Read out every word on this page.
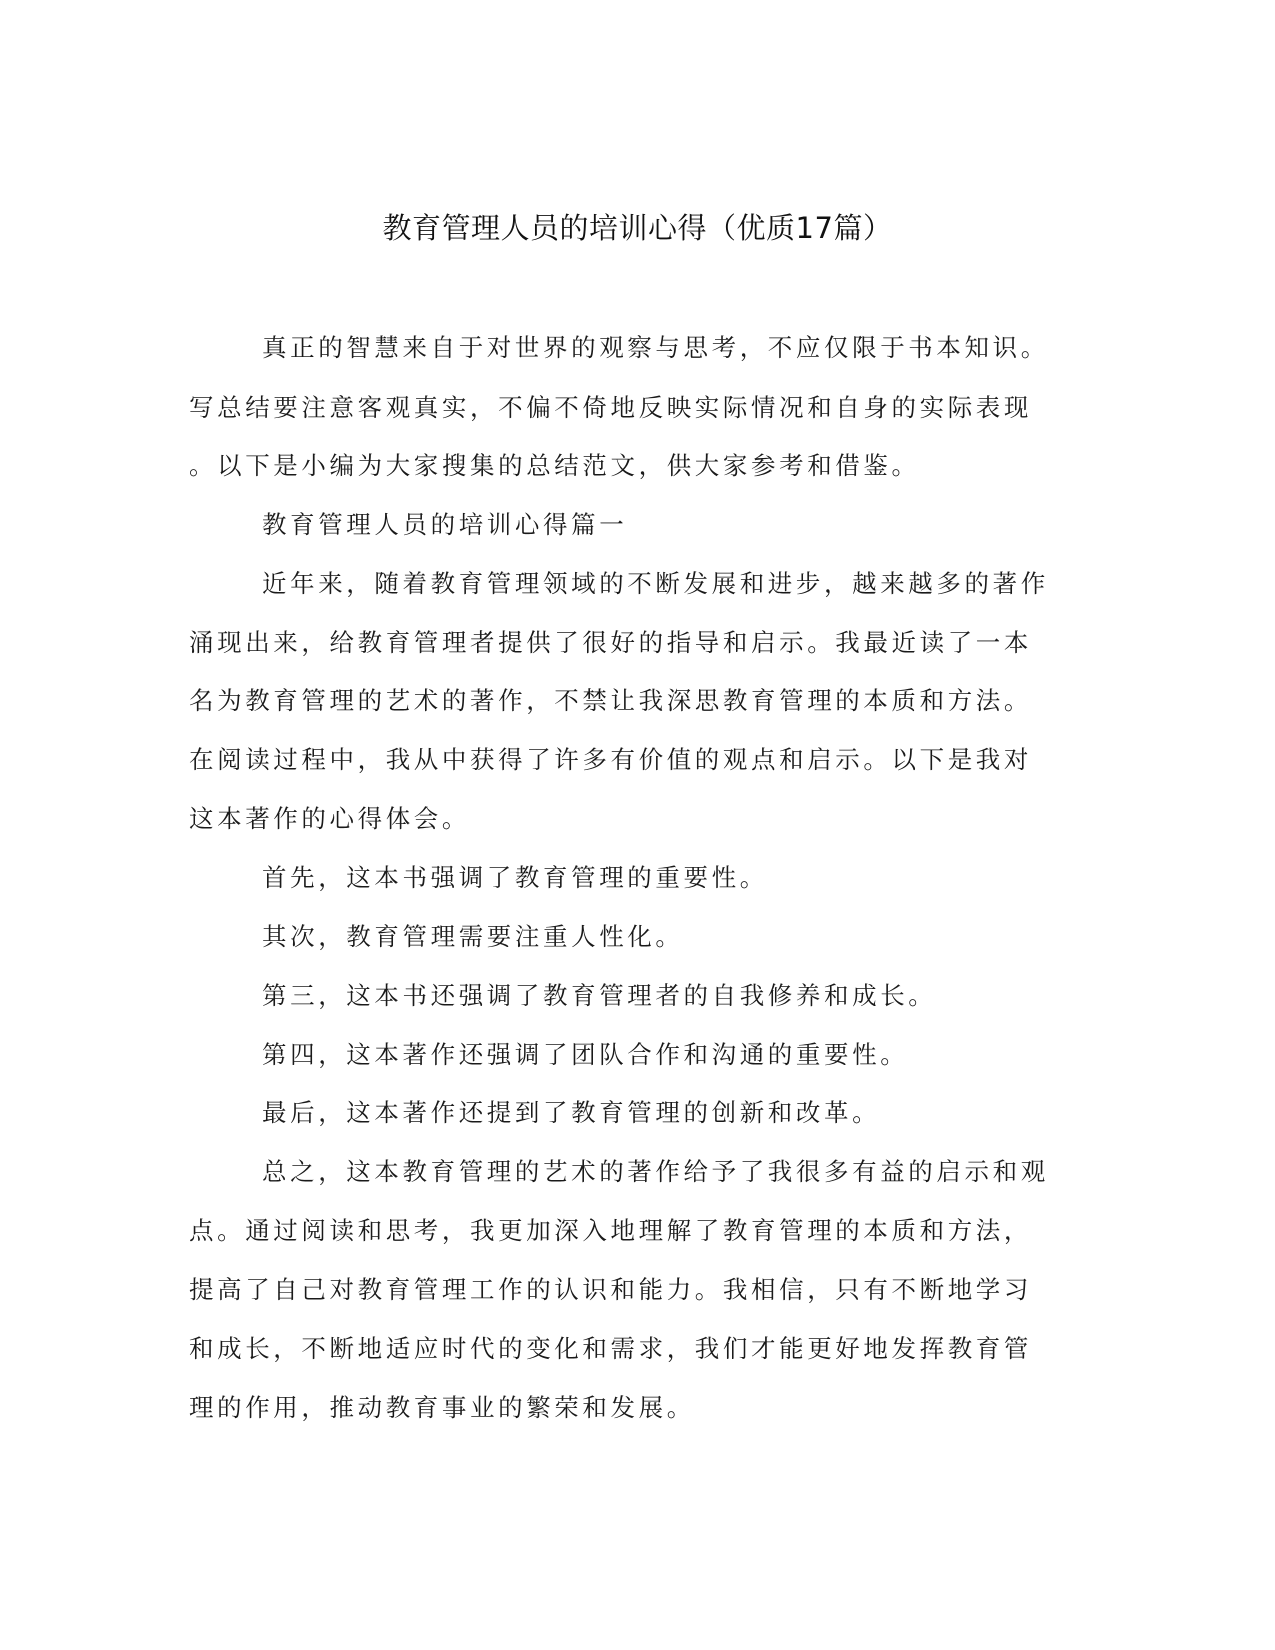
教育管理人员的培训心得（优质17篇）
真正的智慧来自于对世界的观察与思考，不应仅限于书本知识。
写总结要注意客观真实，不偏不倚地反映实际情况和自身的实际表现
。以下是小编为大家搜集的总结范文，供大家参考和借鉴。
教育管理人员的培训心得篇一
近年来，随着教育管理领域的不断发展和进步，越来越多的著作
涌现出来，给教育管理者提供了很好的指导和启示。我最近读了一本
名为教育管理的艺术的著作，不禁让我深思教育管理的本质和方法。
在阅读过程中，我从中获得了许多有价值的观点和启示。以下是我对
这本著作的心得体会。
首先，这本书强调了教育管理的重要性。
其次，教育管理需要注重人性化。
第三，这本书还强调了教育管理者的自我修养和成长。
第四，这本著作还强调了团队合作和沟通的重要性。
最后，这本著作还提到了教育管理的创新和改革。
总之，这本教育管理的艺术的著作给予了我很多有益的启示和观
点。通过阅读和思考，我更加深入地理解了教育管理的本质和方法，
提高了自己对教育管理工作的认识和能力。我相信，只有不断地学习
和成长，不断地适应时代的变化和需求，我们才能更好地发挥教育管
理的作用，推动教育事业的繁荣和发展。
